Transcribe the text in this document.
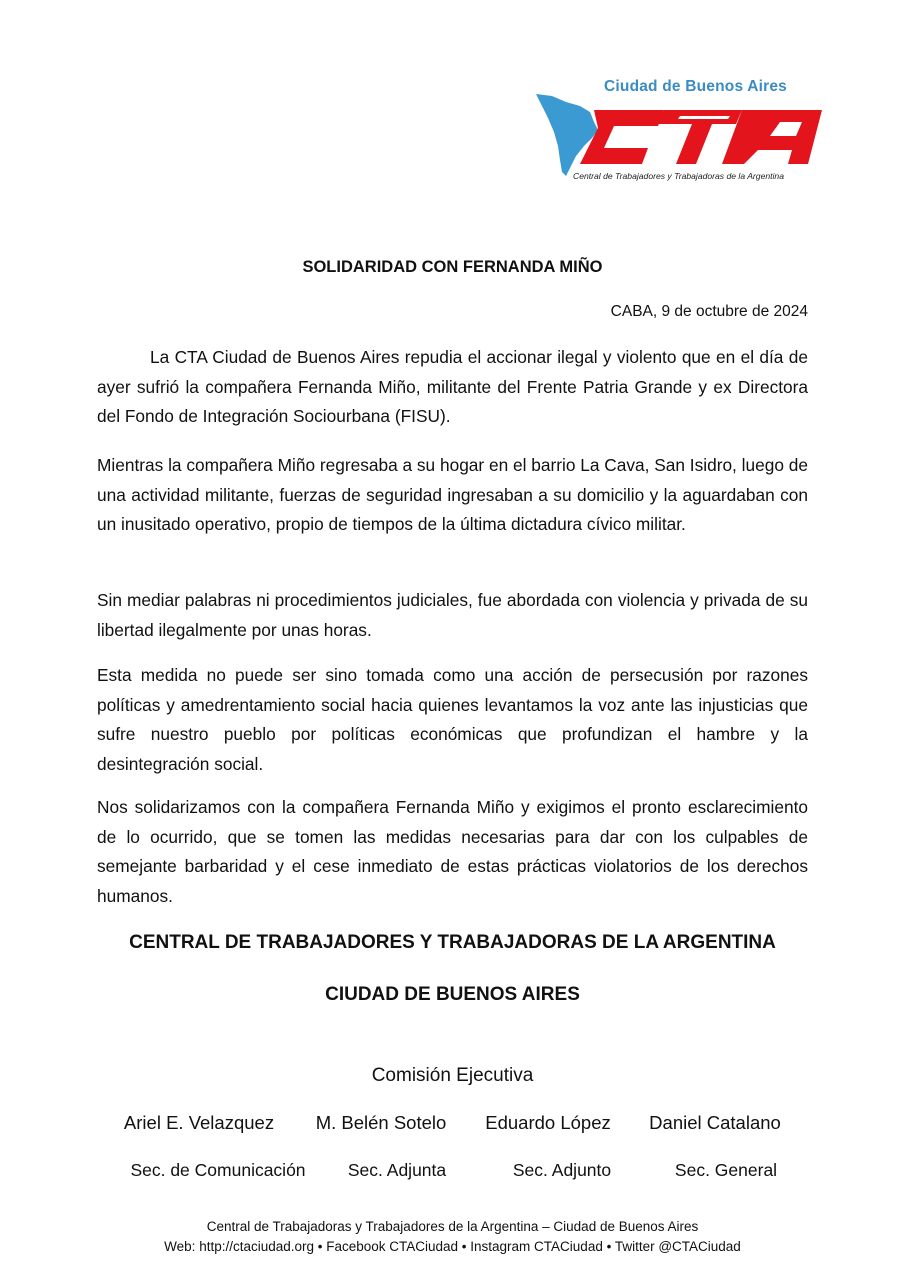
Ciudad de Buenos Aires
Central de Trabajadores y Trabajadoras de la Argentina
SOLIDARIDAD CON FERNANDA MIÑO
CABA, 9 de octubre de 2024
La CTA Ciudad de Buenos Aires repudia el accionar ilegal y violento que en el día de ayer sufrió la compañera Fernanda Miño, militante del Frente Patria Grande y ex Directora del Fondo de Integración Sociourbana (FISU).
Mientras la compañera Miño regresaba a su hogar en el barrio La Cava, San Isidro, luego de una actividad militante, fuerzas de seguridad ingresaban a su domicilio y la aguardaban con un inusitado operativo, propio de tiempos de la última dictadura cívico militar.
Sin mediar palabras ni procedimientos judiciales, fue abordada con violencia y privada de su libertad ilegalmente por unas horas.
Esta medida no puede ser sino tomada como una acción de persecusión por razones políticas y amedrentamiento social hacia quienes levantamos la voz ante las injusticias que sufre nuestro pueblo por políticas económicas que profundizan el hambre y la desintegración social.
Nos solidarizamos con la compañera Fernanda Miño y exigimos el pronto esclarecimiento de lo ocurrido, que se tomen las medidas necesarias para dar con los culpables de semejante barbaridad y el cese inmediato de estas prácticas violatorios de los derechos humanos.
CENTRAL DE TRABAJADORES Y TRABAJADORAS DE LA ARGENTINA
CIUDAD DE BUENOS AIRES
Comisión Ejecutiva
Ariel E. Velazquez M. Belén Sotelo Eduardo López Daniel Catalano
Sec. de Comunicación Sec. Adjunta	Sec. Adjunto	Sec. General
Central de Trabajadoras y Trabajadores de la Argentina – Ciudad de Buenos Aires
Web: http://ctaciudad.org • Facebook CTACiudad • Instagram CTACiudad • Twitter @CTACiudad
